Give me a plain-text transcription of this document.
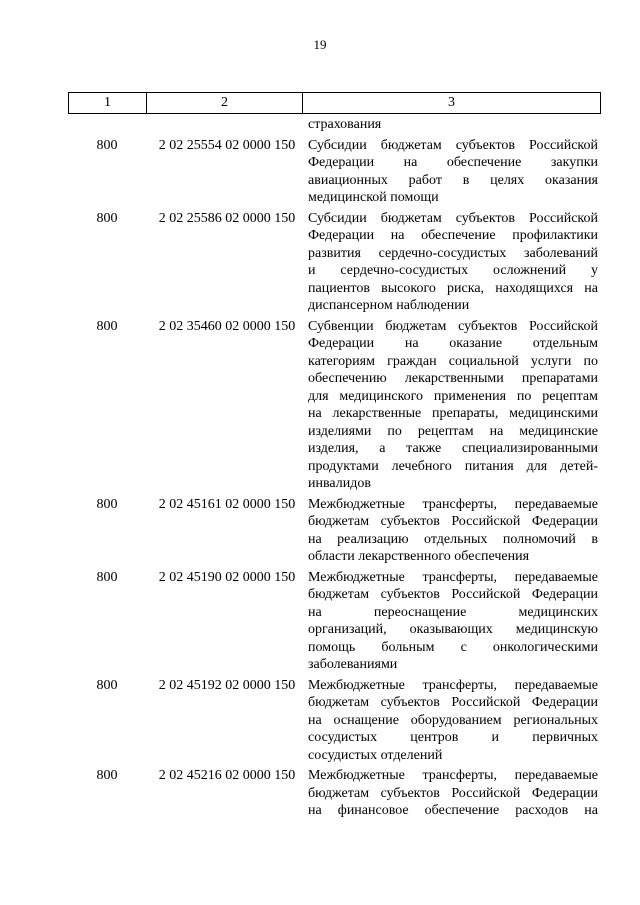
19
1	2	3
страхования
800	2 02 25554 02 0000 150 Субсидии бюджетам субъектов Российской
Федерации на обеспечение закупки
авиационных работ в целях оказания
медицинской помощи
800	2 02 25586 02 0000 150 Субсидии бюджетам субъектов Российской
Федерации на обеспечение профилактики
развития сердечно-сосудистых заболеваний
и сердечно-сосудистых осложнений у
пациентов высокого риска, находящихся на
диспансерном наблюдении
800	2 02 35460 02 0000 150 Субвенции бюджетам субъектов Российской
Федерации на оказание отдельным
категориям граждан социальной услуги по
обеспечению лекарственными препаратами
для медицинского применения по рецептам
на лекарственные препараты, медицинскими
изделиями по рецептам на медицинские
изделия, а также специализированными
продуктами лечебного питания для детей-
инвалидов
800	2 02 45161 02 0000 150 Межбюджетные трансферты, передаваемые
бюджетам субъектов Российской Федерации
на реализацию отдельных полномочий в
области лекарственного обеспечения
800	2 02 45190 02 0000 150 Межбюджетные трансферты, передаваемые
бюджетам субъектов Российской Федерации
на переоснащение медицинских
организаций, оказывающих медицинскую
помощь больным с онкологическими
заболеваниями
800	2 02 45192 02 0000 150 Межбюджетные трансферты, передаваемые
бюджетам субъектов Российской Федерации
на оснащение оборудованием региональных
сосудистых центров и первичных
сосудистых отделений
800	2 02 45216 02 0000 150 Межбюджетные трансферты, передаваемые
бюджетам субъектов Российской Федерации
на финансовое обеспечение расходов на
